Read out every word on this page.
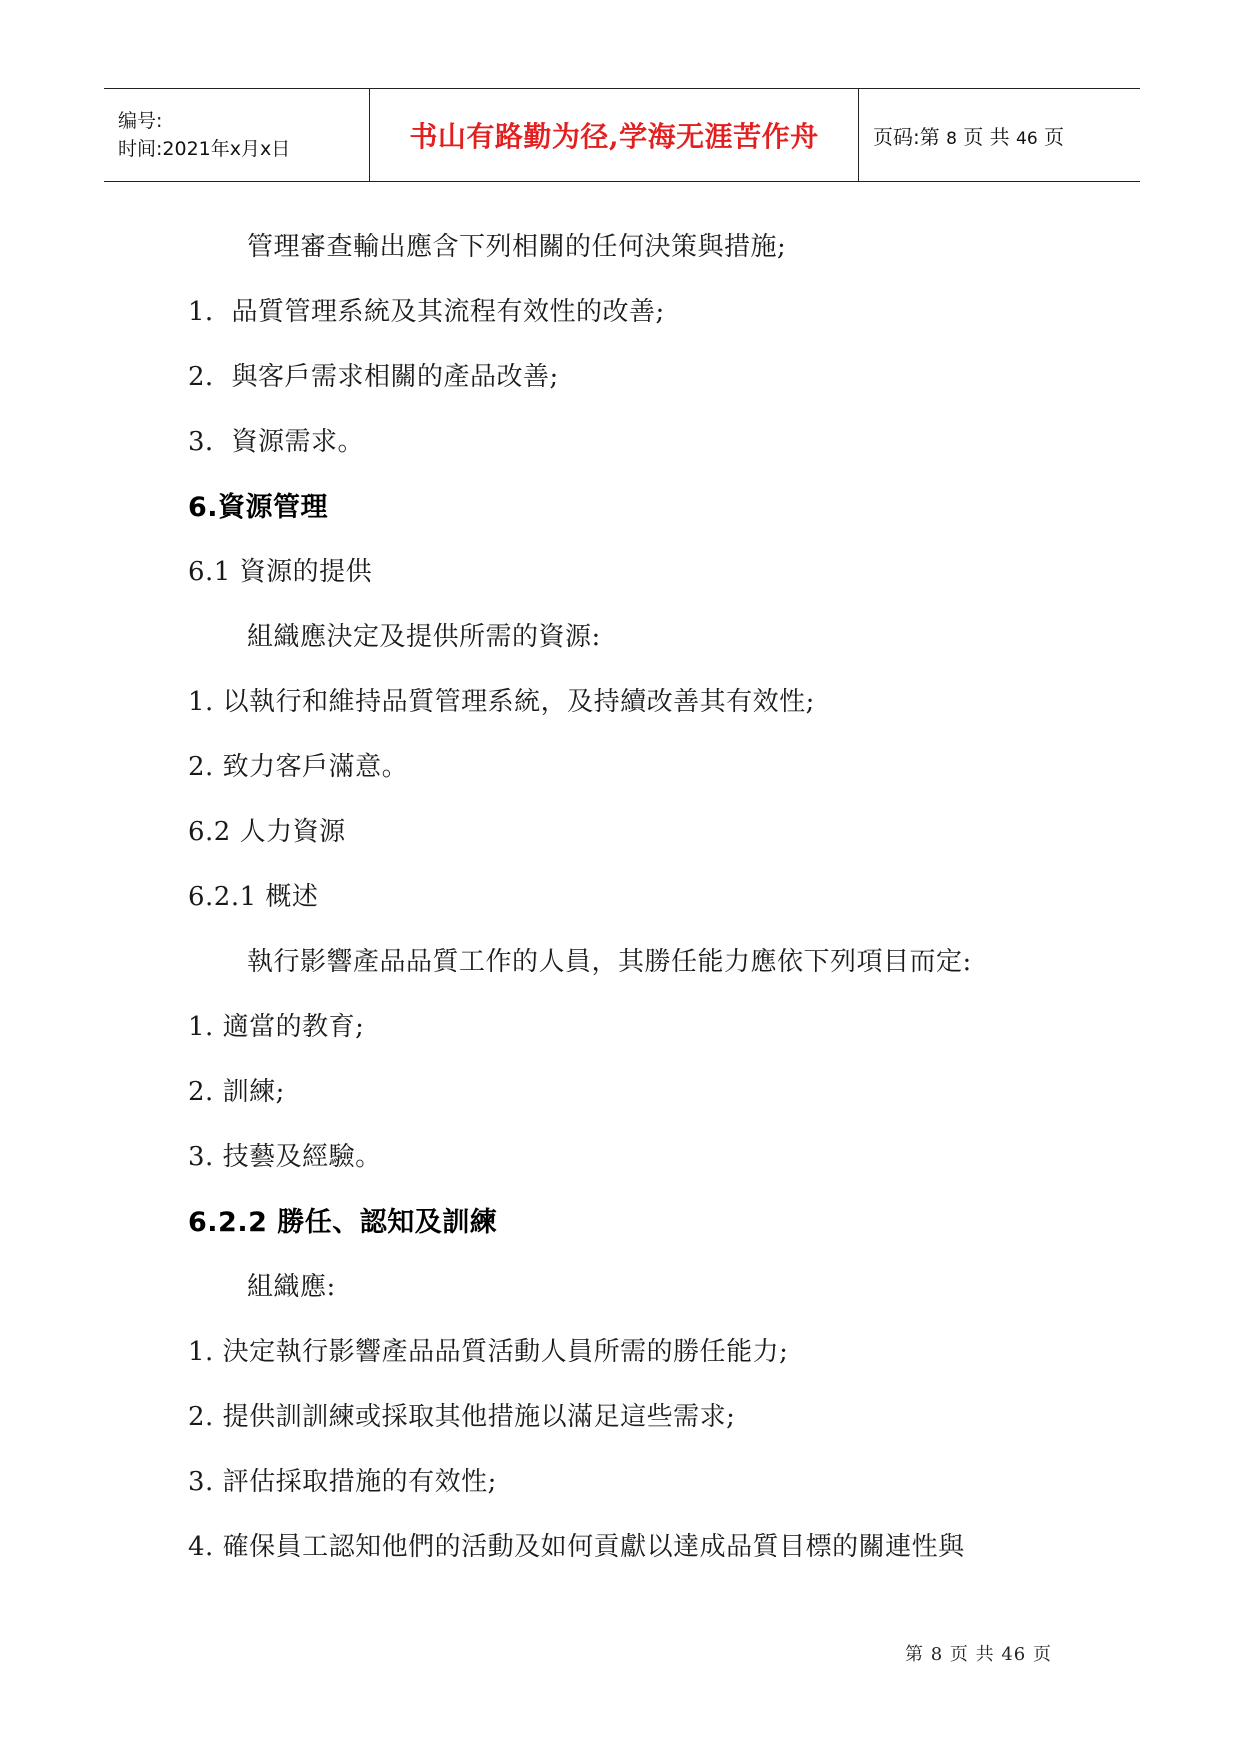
编号:
时间:2021年x月x日	书山有路勤为径,学海无涯苦作舟	页码:第 8 页 共 46 页
管理審查輸出應含下列相關的任何決策與措施;
1．品質管理系統及其流程有效性的改善;
2．與客戶需求相關的產品改善;
3．資源需求。
6.資源管理
6.1 資源的提供
組織應決定及提供所需的資源:
1. 以執行和維持品質管理系統，及持續改善其有效性;
2. 致力客戶滿意。
6.2 人力資源
6.2.1 概述
執行影響產品品質工作的人員，其勝任能力應依下列項目而定:
1. 適當的教育;
2. 訓練;
3. 技藝及經驗。
6.2.2 勝任、認知及訓練
組織應:
1. 決定執行影響產品品質活動人員所需的勝任能力;
2. 提供訓訓練或採取其他措施以滿足這些需求;
3. 評估採取措施的有效性;
4. 確保員工認知他們的活動及如何貢獻以達成品質目標的關連性與
第 8 页 共 46 页
